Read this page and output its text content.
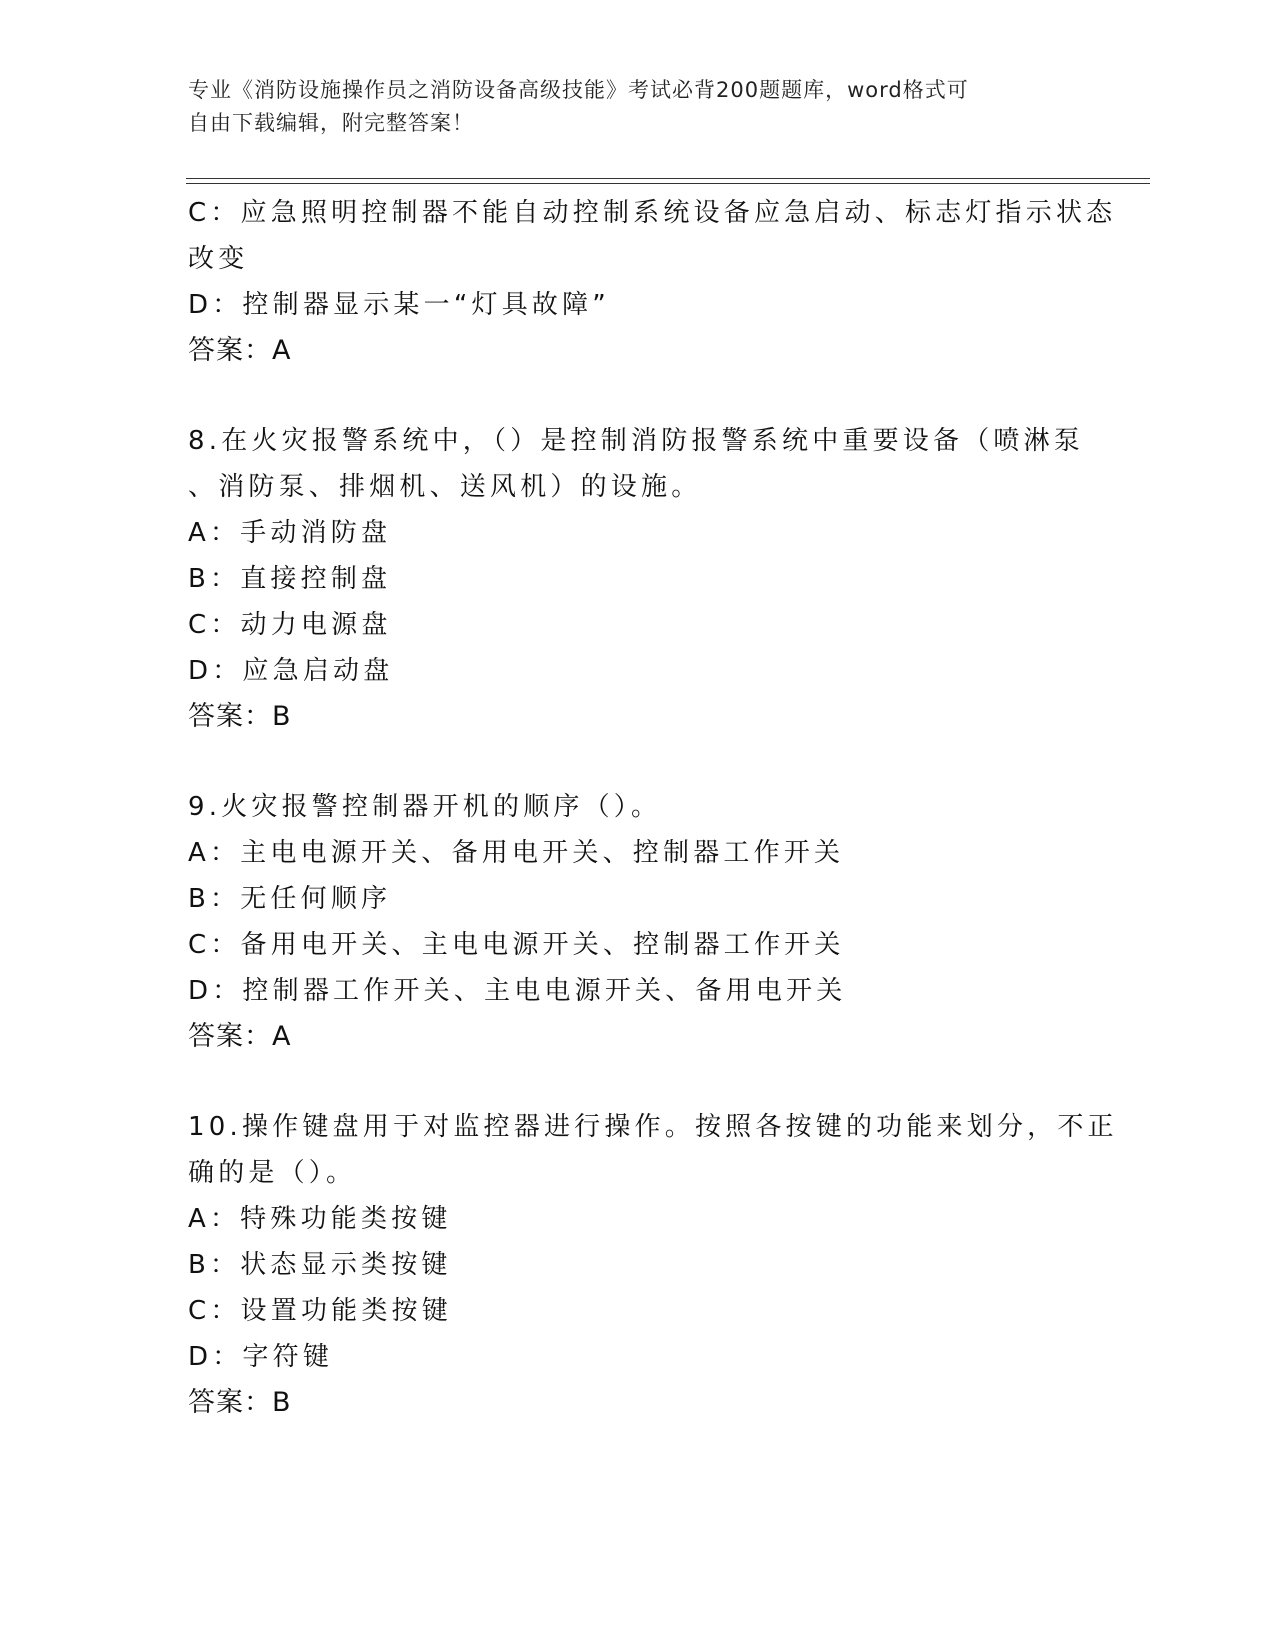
专业《消防设施操作员之消防设备高级技能》考试必背200题题库，word格式可
自由下载编辑，附完整答案！
C：应急照明控制器不能自动控制系统设备应急启动、标志灯指示状态
改变
D：控制器显示某一“灯具故障”
答案：A
8.在火灾报警系统中，（）是控制消防报警系统中重要设备（喷淋泵
、消防泵、排烟机、送风机）的设施。
A：手动消防盘
B：直接控制盘
C：动力电源盘
D：应急启动盘
答案：B
9.火灾报警控制器开机的顺序（）。
A：主电电源开关、备用电开关、控制器工作开关
B：无任何顺序
C：备用电开关、主电电源开关、控制器工作开关
D：控制器工作开关、主电电源开关、备用电开关
答案：A
10.操作键盘用于对监控器进行操作。按照各按键的功能来划分，不正
确的是（）。
A：特殊功能类按键
B：状态显示类按键
C：设置功能类按键
D：字符键
答案：B
